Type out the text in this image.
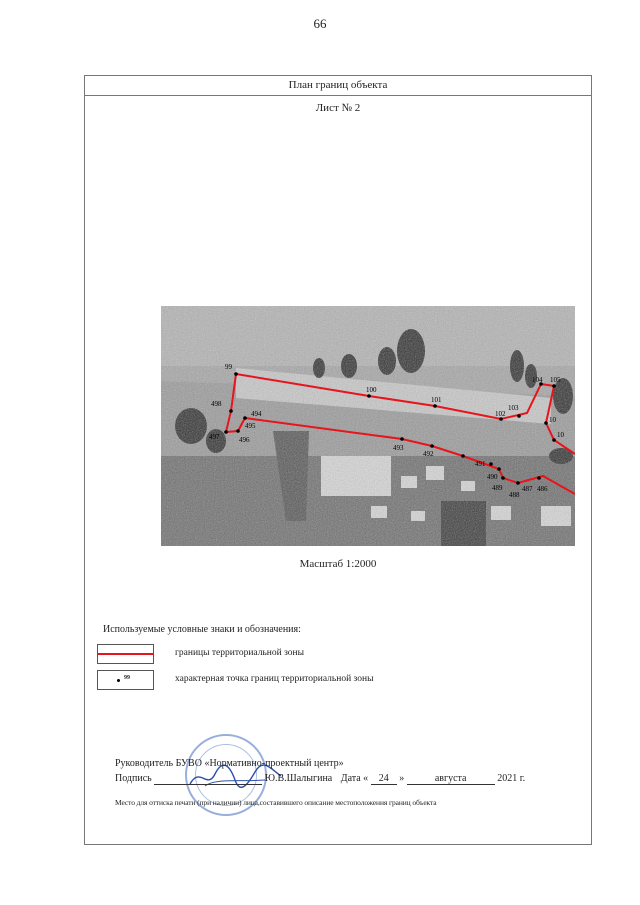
66
План границ объекта
Лист № 2
99
100
101
102
103
104 105
10
10
486
487
488
489
490
491
492
493
494
495
496
497
498
Масштаб 1:2000
Используемые условные знаки и обозначения:
границы территориальной зоны
99	характерная точка границ территориальной зоны
Руководитель БУВО «Нормативно-проектный центр»
Подпись	Ю.В.Шалыгина Дата « 24 »	августа	2021 г.
Место для оттиска печати (при наличии) лица,составившего описание местоположения границ объекта
